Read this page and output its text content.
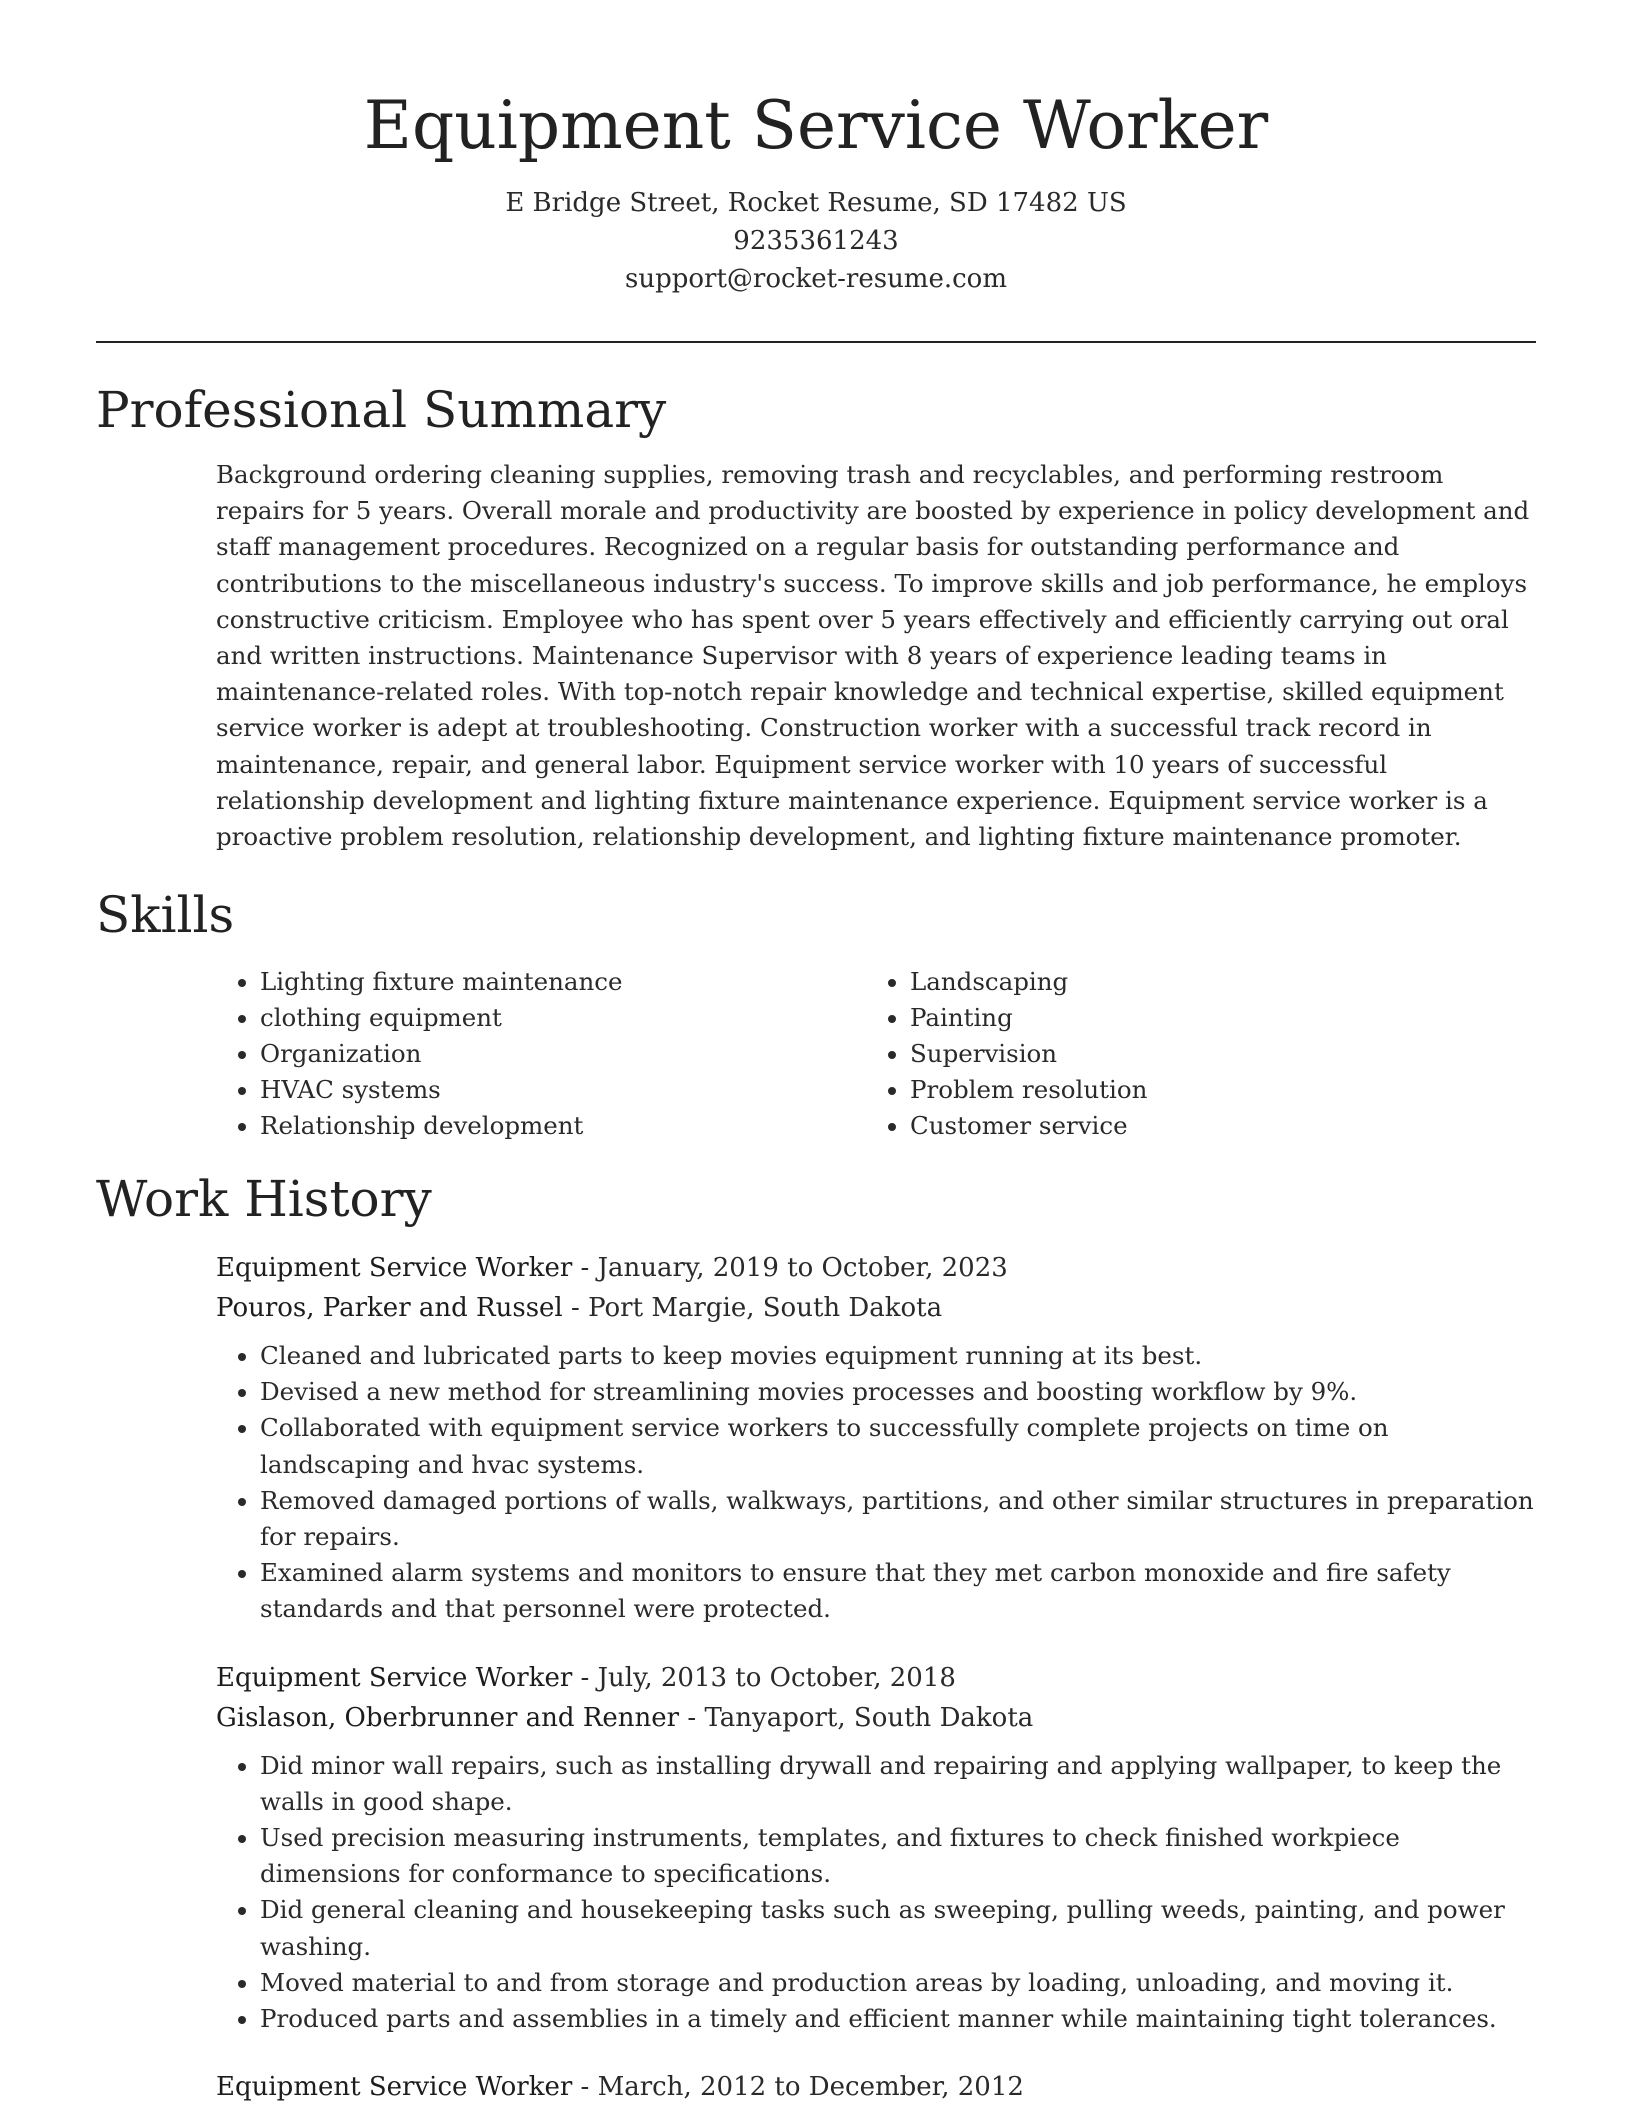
Equipment Service Worker
E Bridge Street, Rocket Resume, SD 17482 US
9235361243
support@rocket-resume.com
Professional Summary
Background ordering cleaning supplies, removing trash and recyclables, and performing restroom repairs for 5 years. Overall morale and productivity are boosted by experience in policy development and staff management procedures. Recognized on a regular basis for outstanding performance and contributions to the miscellaneous industry's success. To improve skills and job performance, he employs constructive criticism. Employee who has spent over 5 years effectively and efficiently carrying out oral and written instructions. Maintenance Supervisor with 8 years of experience leading teams in maintenance-related roles. With top-notch repair knowledge and technical expertise, skilled equipment service worker is adept at troubleshooting. Construction worker with a successful track record in maintenance, repair, and general labor. Equipment service worker with 10 years of successful relationship development and lighting fixture maintenance experience. Equipment service worker is a proactive problem resolution, relationship development, and lighting fixture maintenance promoter.
Skills
• Lighting fixture maintenance
• clothing equipment
• Organization
• HVAC systems
• Relationship development
• Landscaping
• Painting
• Supervision
• Problem resolution
• Customer service
Work History
Equipment Service Worker - January, 2019 to October, 2023
Pouros, Parker and Russel - Port Margie, South Dakota
• Cleaned and lubricated parts to keep movies equipment running at its best.
• Devised a new method for streamlining movies processes and boosting workflow by 9%.
• Collaborated with equipment service workers to successfully complete projects on time on landscaping and hvac systems.
• Removed damaged portions of walls, walkways, partitions, and other similar structures in preparation for repairs.
• Examined alarm systems and monitors to ensure that they met carbon monoxide and fire safety standards and that personnel were protected.
Equipment Service Worker - July, 2013 to October, 2018
Gislason, Oberbrunner and Renner - Tanyaport, South Dakota
• Did minor wall repairs, such as installing drywall and repairing and applying wallpaper, to keep the walls in good shape.
• Used precision measuring instruments, templates, and fixtures to check finished workpiece dimensions for conformance to specifications.
• Did general cleaning and housekeeping tasks such as sweeping, pulling weeds, painting, and power washing.
• Moved material to and from storage and production areas by loading, unloading, and moving it.
• Produced parts and assemblies in a timely and efficient manner while maintaining tight tolerances.
Equipment Service Worker - March, 2012 to December, 2012
